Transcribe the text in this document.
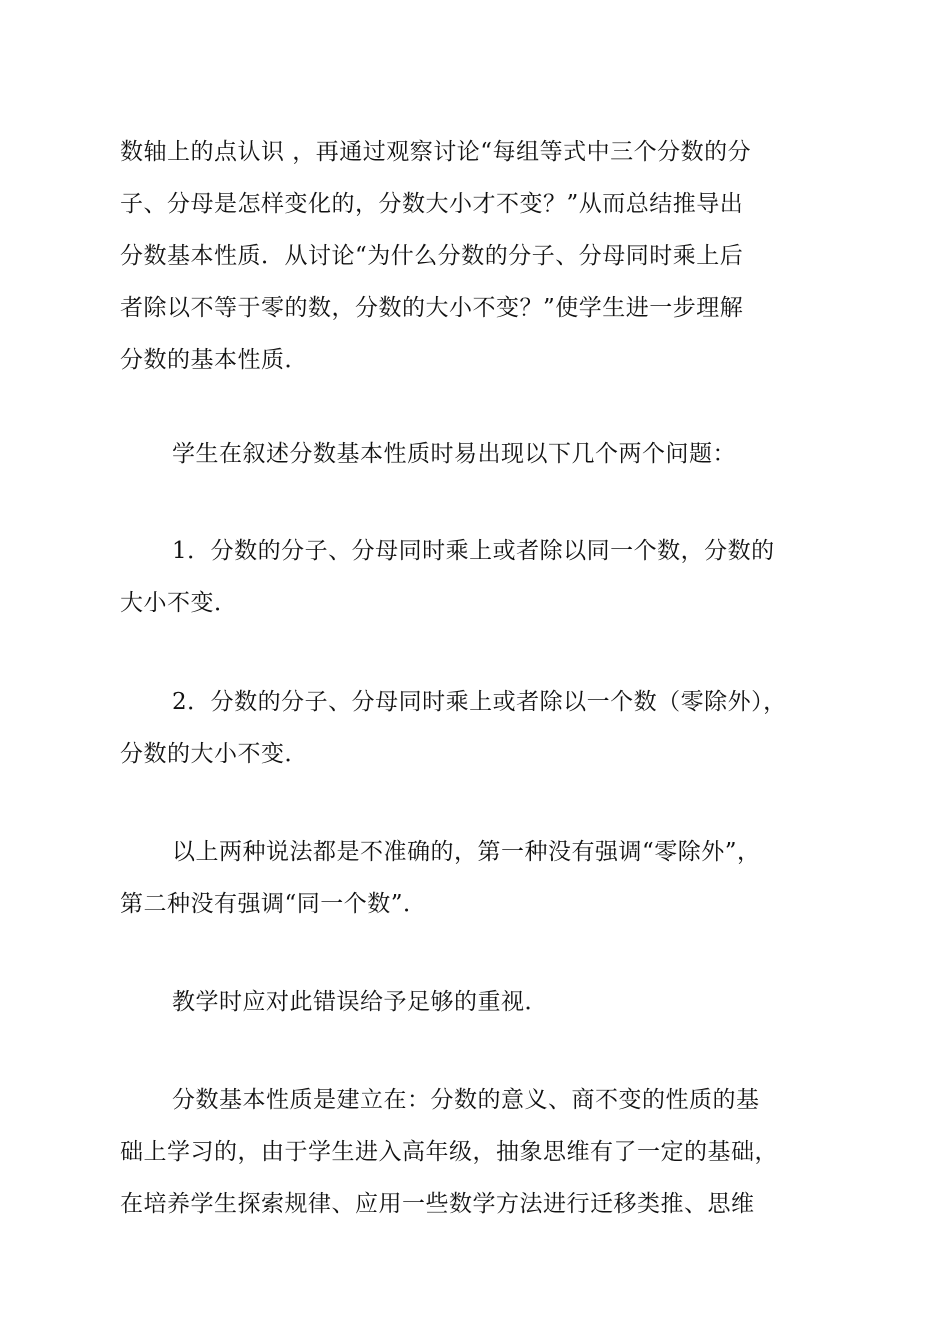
数轴上的点认识 ，再通过观察讨论“每组等式中三个分数的分
子、分母是怎样变化的，分数大小才不变？”从而总结推导出
分数基本性质．从讨论“为什么分数的分子、分母同时乘上后
者除以不等于零的数，分数的大小不变？”使学生进一步理解
分数的基本性质．
学生在叙述分数基本性质时易出现以下几个两个问题：
1．分数的分子、分母同时乘上或者除以同一个数，分数的
大小不变．
2．分数的分子、分母同时乘上或者除以一个数（零除外），
分数的大小不变．
以上两种说法都是不准确的，第一种没有强调“零除外”，
第二种没有强调“同一个数”．
教学时应对此错误给予足够的重视．
分数基本性质是建立在：分数的意义、商不变的性质的基
础上学习的，由于学生进入高年级，抽象思维有了一定的基础，
在培养学生探索规律、应用一些数学方法进行迁移类推、思维
